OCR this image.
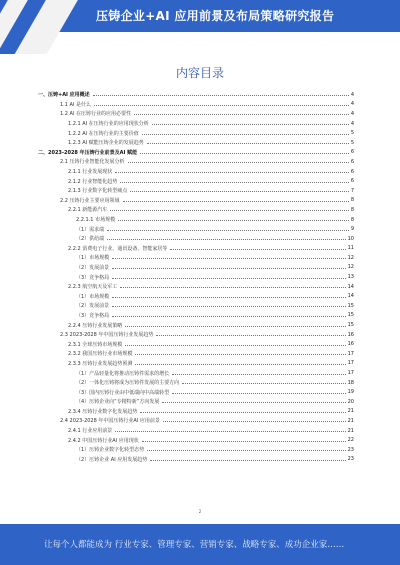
压铸企业+AI 应用前景及布局策略研究报告
内容目录
一、压铸+AI 应用概述	4
1.1 AI 是什么	4
1.2 AI 在压铸行业的应用必要性	4
1.2.1 AI 在压铸行业的应用现状分析	4
1.2.2 AI 在压铸行业的主要价值	5
1.2.3 AI 赋能压铸企业的发展趋势	5
二、2023-2028 年压铸行业前景及AI 赋能	6
2.1 压铸行业智能化发展分析	6
2.1.1 行业发展现状	6
2.1.2 行业智能化趋势	6
2.1.3 行业数字化转型痛点	7
2.2 压铸行业主要应用领域	8
2.2.1 新能源汽车	8
2.2.1.1 市场规模	8
（1）需求端	9
（2）供给端	10
2.2.2 消费电子行业、通讯设备、智能家居等	11
（1）市场规模	12
（2）发展前景	12
（3）竞争格局	13
2.2.3 航空航天及军工	14
（1）市场规模	14
（2）发展前景	15
（3）竞争格局	15
2.2.4 压铸行业发展策略	15
2.3 2023-2028 年中国压铸行业发展趋势	16
2.3.1 全球压铸市场规模	16
2.3.2 我国压铸行业市场规模	17
2.3.3 压铸行业发展趋势预测	17
（1）产品轻量化将推动压铸件需求的增长	17
（2）一体化压铸将成为压铸件发展的主要方向	18
（3）国内压铸行业由中低端向中高端转型	19
（4）压铸企业向“专精特新”方向发展	20
2.3.4 压铸行业数字化发展趋势	21
2.4 2023-2028 年中国压铸行业AI 应用前景	21
2.4.1 行业应用前景	21
2.4.2 中国压铸行业AI 应用现状	22
（1）压铸企业数字化转型态势	23
（2）压铸企业 AI 应用发展趋势	23
2
让每个人都能成为 行业专家、管理专家、营销专家、战略专家、成功企业家……
